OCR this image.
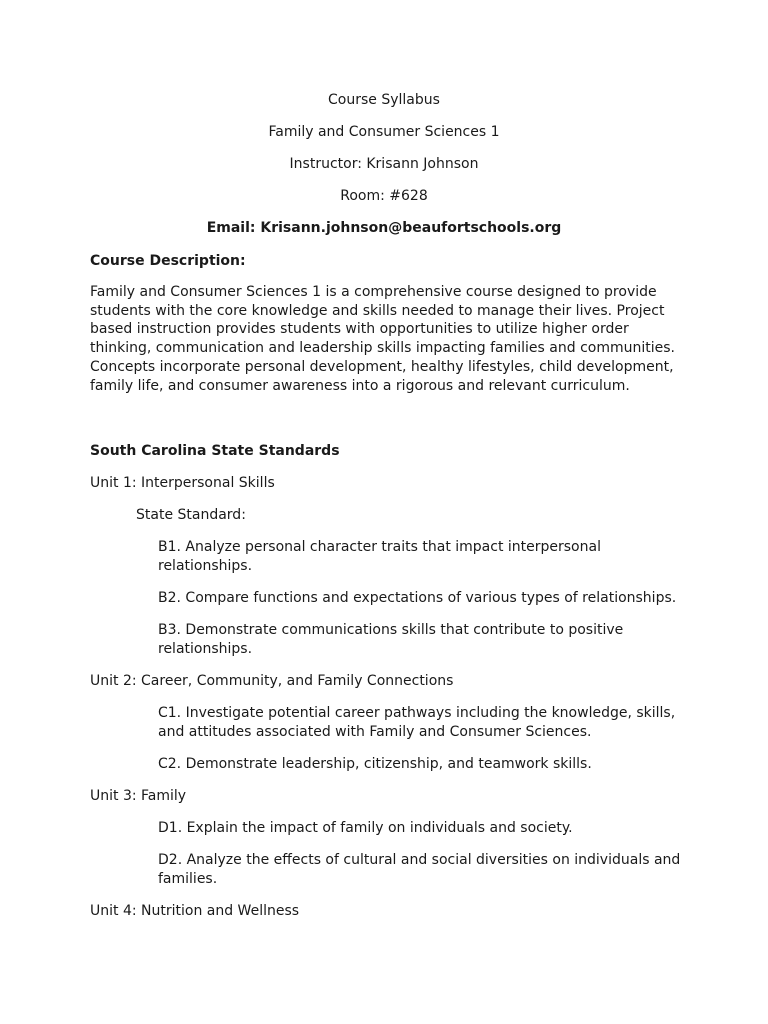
Course Syllabus
Family and Consumer Sciences 1
Instructor: Krisann Johnson
Room: #628
Email: Krisann.johnson@beaufortschools.org
Course Description:
Family and Consumer Sciences 1 is a comprehensive course designed to provide
students with the core knowledge and skills needed to manage their lives. Project
based instruction provides students with opportunities to utilize higher order
thinking, communication and leadership skills impacting families and communities.
Concepts incorporate personal development, healthy lifestyles, child development,
family life, and consumer awareness into a rigorous and relevant curriculum.
South Carolina State Standards
Unit 1: Interpersonal Skills
State Standard:
B1. Analyze personal character traits that impact interpersonal
relationships.
B2. Compare functions and expectations of various types of relationships.
B3. Demonstrate communications skills that contribute to positive
relationships.
Unit 2: Career, Community, and Family Connections
C1. Investigate potential career pathways including the knowledge, skills,
and attitudes associated with Family and Consumer Sciences.
C2. Demonstrate leadership, citizenship, and teamwork skills.
Unit 3: Family
D1. Explain the impact of family on individuals and society.
D2. Analyze the effects of cultural and social diversities on individuals and
families.
Unit 4: Nutrition and Wellness
